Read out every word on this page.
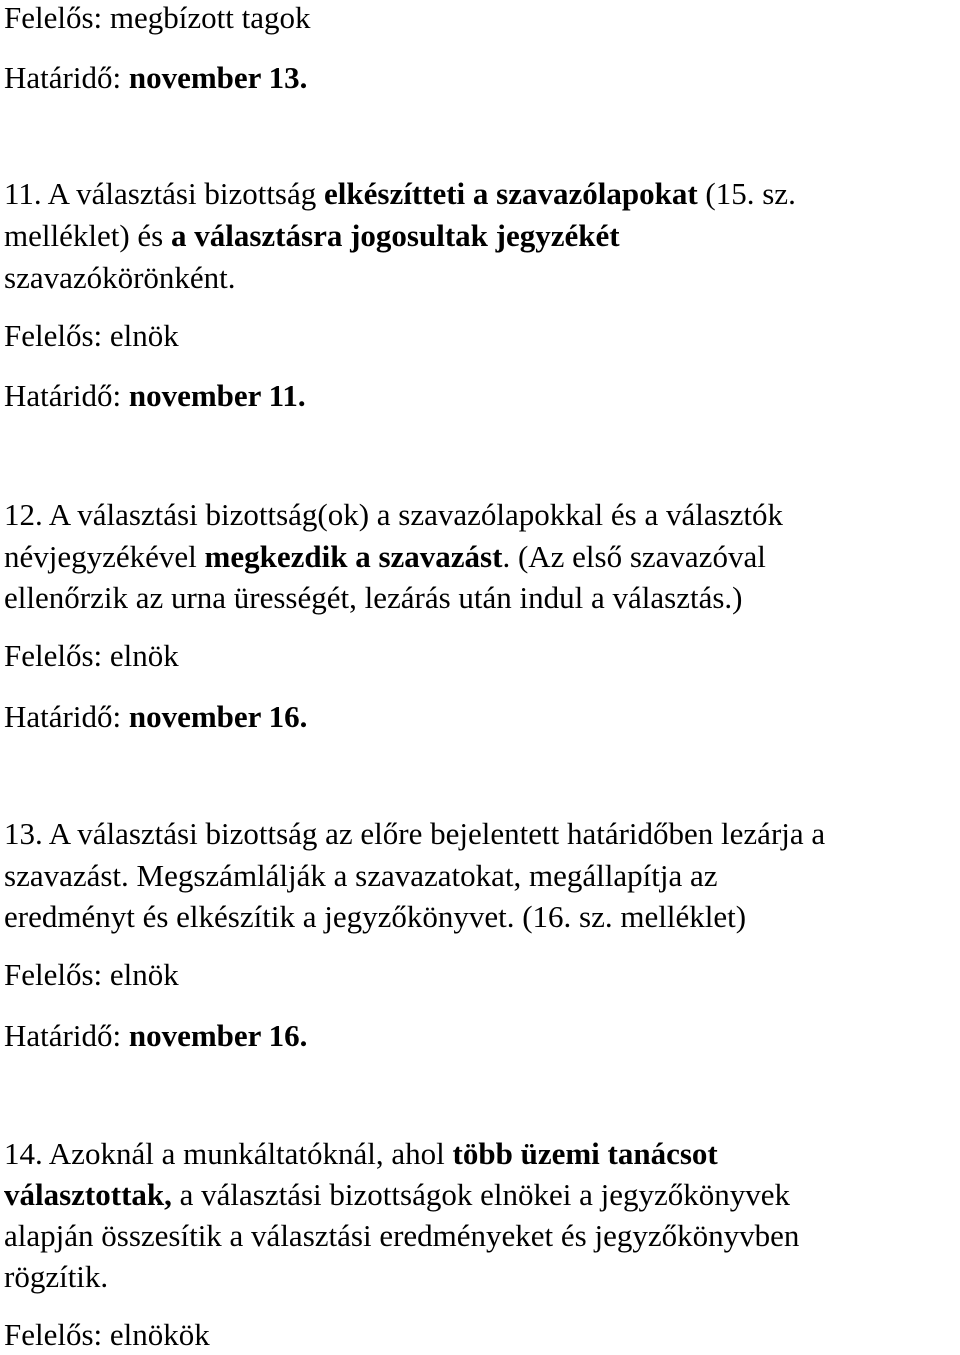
Felelős: megbízott tagok
Határidő: november 13.
11. A választási bizottság elkészítteti a szavazólapokat (15. sz.
melléklet) és a választásra jogosultak jegyzékét
szavazókörönként.
Felelős: elnök
Határidő: november 11.
12. A választási bizottság(ok) a szavazólapokkal és a választók
névjegyzékével megkezdik a szavazást. (Az első szavazóval
ellenőrzik az urna ürességét, lezárás után indul a választás.)
Felelős: elnök
Határidő: november 16.
13. A választási bizottság az előre bejelentett határidőben lezárja a
szavazást. Megszámlálják a szavazatokat, megállapítja az
eredményt és elkészítik a jegyzőkönyvet. (16. sz. melléklet)
Felelős: elnök
Határidő: november 16.
14. Azoknál a munkáltatóknál, ahol több üzemi tanácsot
választottak, a választási bizottságok elnökei a jegyzőkönyvek
alapján összesítik a választási eredményeket és jegyzőkönyvben
rögzítik.
Felelős: elnökök
